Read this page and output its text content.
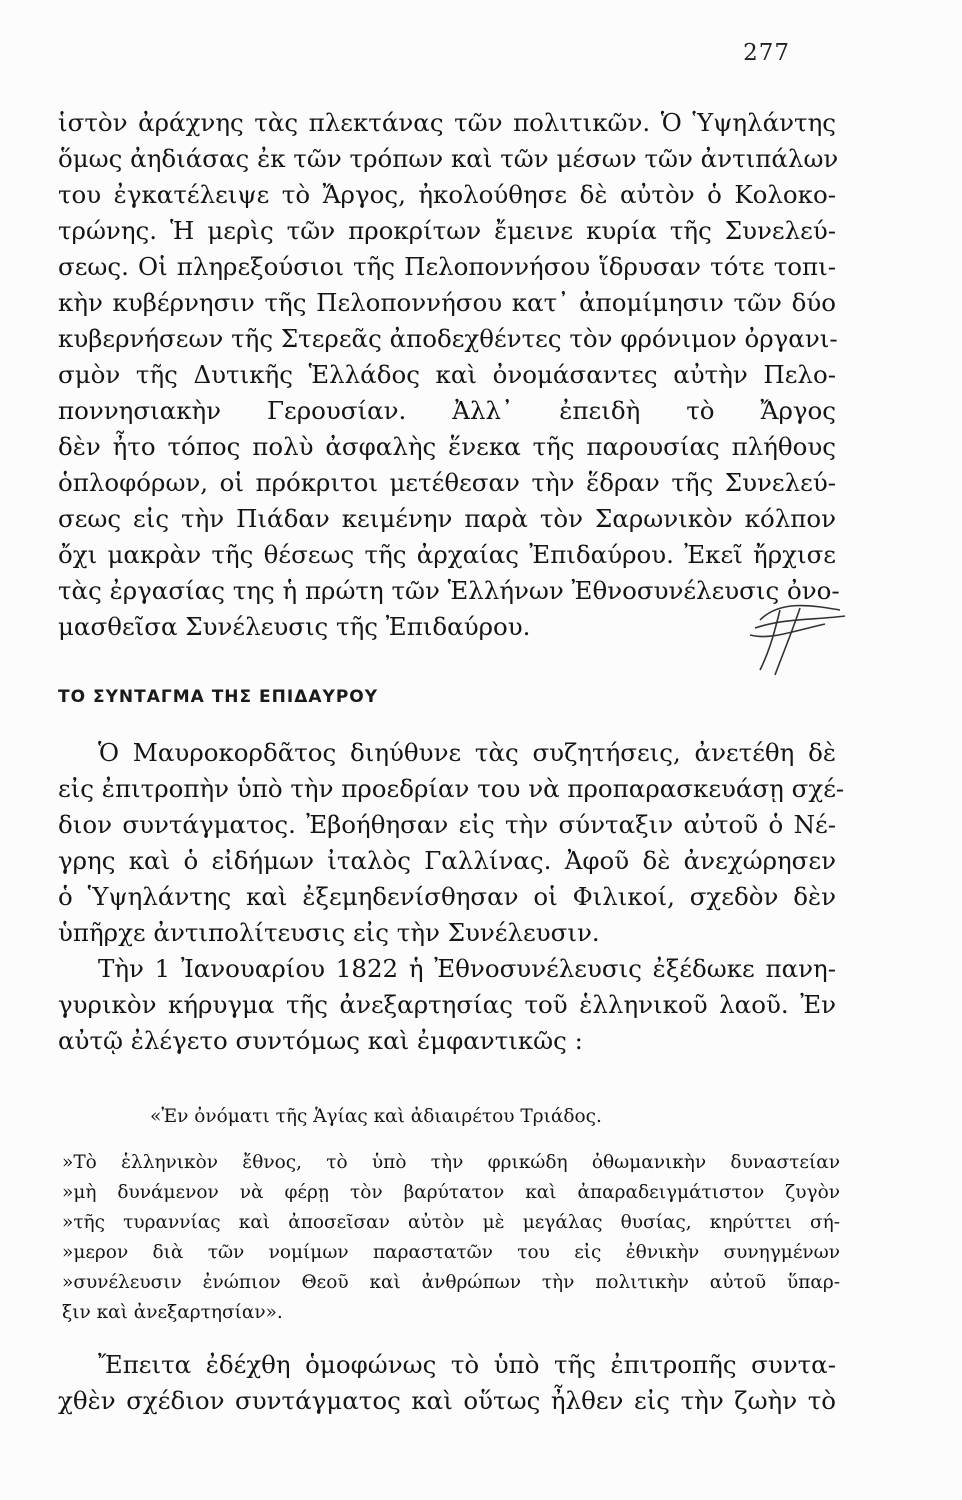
277
ἱστὸν ἀράχνης τὰς πλεκτάνας τῶν πολιτικῶν. Ὁ Ὑψηλάντης
ὅμως ἀηδιάσας ἐκ τῶν τρόπων καὶ τῶν μέσων τῶν ἀντιπάλων
του ἐγκατέλειψε τὸ Ἄργος, ἠκολούθησε δὲ αὐτὸν ὁ Κολοκο-
τρώνης. Ἡ μερὶς τῶν προκρίτων ἔμεινε κυρία τῆς Συνελεύ-
σεως. Οἱ πληρεξούσιοι τῆς Πελοποννήσου ἵδρυσαν τότε τοπι-
κὴν κυβέρνησιν τῆς Πελοποννήσου κατ᾽ ἀπομίμησιν τῶν δύο
κυβερνήσεων τῆς Στερεᾶς ἀποδεχθέντες τὸν φρόνιμον ὀργανι-
σμὸν τῆς Δυτικῆς Ἑλλάδος καὶ ὀνομάσαντες αὐτὴν Πελο-
ποννησιακὴν Γερουσίαν. Ἀλλ᾽ ἐπειδὴ τὸ Ἄργος
δὲν ἦτο τόπος πολὺ ἀσφαλὴς ἕνεκα τῆς παρουσίας πλήθους
ὁπλοφόρων, οἱ πρόκριτοι μετέθεσαν τὴν ἕδραν τῆς Συνελεύ-
σεως εἰς τὴν Πιάδαν κειμένην παρὰ τὸν Σαρωνικὸν κόλπον
ὄχι μακρὰν τῆς θέσεως τῆς ἀρχαίας Ἐπιδαύρου. Ἐκεῖ ἤρχισε
τὰς ἐργασίας της ἡ πρώτη τῶν Ἑλλήνων Ἐθνοσυνέλευσις ὀνο-
μασθεῖσα Συνέλευσις τῆς Ἐπιδαύρου.
ΤΟ ΣΥΝΤΑΓΜΑ ΤΗΣ ΕΠΙΔΑΥΡΟΥ
Ὁ Μαυροκορδᾶτος διηύθυνε τὰς συζητήσεις, ἀνετέθη δὲ
εἰς ἐπιτροπὴν ὑπὸ τὴν προεδρίαν του νὰ προπαρασκευάσῃ σχέ-
διον συντάγματος. Ἐβοήθησαν εἰς τὴν σύνταξιν αὐτοῦ ὁ Νέ-
γρης καὶ ὁ εἰδήμων ἰταλὸς Γαλλίνας. Ἀφοῦ δὲ ἀνεχώρησεν
ὁ Ὑψηλάντης καὶ ἐξεμηδενίσθησαν οἱ Φιλικοί, σχεδὸν δὲν
ὑπῆρχε ἀντιπολίτευσις εἰς τὴν Συνέλευσιν.
Τὴν 1 Ἰανουαρίου 1822 ἡ Ἐθνοσυνέλευσις ἐξέδωκε πανη-
γυρικὸν κήρυγμα τῆς ἀνεξαρτησίας τοῦ ἑλληνικοῦ λαοῦ. Ἐν
αὐτῷ ἐλέγετο συντόμως καὶ ἐμφαντικῶς :
«Ἐν ὀνόματι τῆς Ἁγίας καὶ ἀδιαιρέτου Τριάδος.
»Τὸ ἑλληνικὸν ἔθνος, τὸ ὑπὸ τὴν φρικώδη ὀθωμανικὴν δυναστείαν
»μὴ δυνάμενον νὰ φέρῃ τὸν βαρύτατον καὶ ἀπαραδειγμάτιστον ζυγὸν
»τῆς τυραννίας καὶ ἀποσεῖσαν αὐτὸν μὲ μεγάλας θυσίας, κηρύττει σή-
»μερον διὰ τῶν νομίμων παραστατῶν του εἰς ἐθνικὴν συνηγμένων
»συνέλευσιν ἐνώπιον Θεοῦ καὶ ἀνθρώπων τὴν πολιτικὴν αὐτοῦ ὕπαρ-
ξιν καὶ ἀνεξαρτησίαν».
Ἔπειτα ἐδέχθη ὁμοφώνως τὸ ὑπὸ τῆς ἐπιτροπῆς συντα-
χθὲν σχέδιον συντάγματος καὶ οὕτως ἦλθεν εἰς τὴν ζωὴν τὸ
